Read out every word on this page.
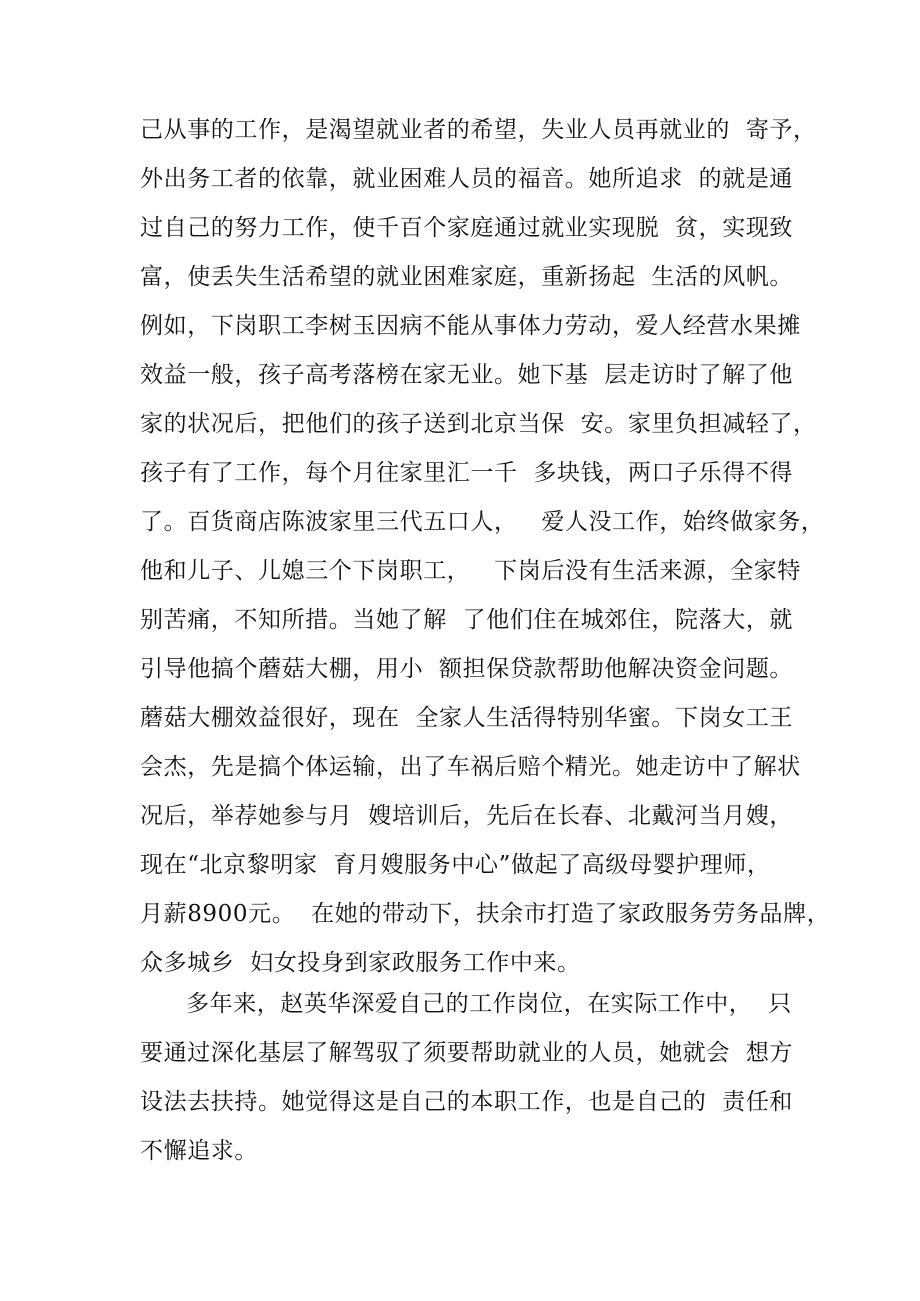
己从事的工作，是渴望就业者的希望，失业人员再就业的  寄予，
外出务工者的依靠，就业困难人员的福音。她所追求  的就是通
过自己的努力工作，使千百个家庭通过就业实现脱  贫，实现致
富，使丢失生活希望的就业困难家庭，重新扬起  生活的风帆。
例如，下岗职工李树玉因病不能从事体力劳动，爱人经营水果摊
效益一般，孩子高考落榜在家无业。她下基  层走访时了解了他
家的状况后，把他们的孩子送到北京当保  安。家里负担减轻了，
孩子有了工作，每个月往家里汇一千  多块钱，两口子乐得不得
了。百货商店陈波家里三代五口人，   爱人没工作，始终做家务，
他和儿子、儿媳三个下岗职工，   下岗后没有生活来源，全家特
别苦痛，不知所措。当她了解  了他们住在城郊住，院落大，就
引导他搞个蘑菇大棚，用小  额担保贷款帮助他解决资金问题。
蘑菇大棚效益很好，现在  全家人生活得特别华蜜。下岗女工王
会杰，先是搞个体运输，出了车祸后赔个精光。她走访中了解状
况后，举荐她参与月  嫂培训后，先后在长春、北戴河当月嫂，
现在“北京黎明家  育月嫂服务中心”做起了高级母婴护理师，
月薪8900元。  在她的带动下，扶余市打造了家政服务劳务品牌，
众多城乡  妇女投身到家政服务工作中来。
多年来，赵英华深爱自己的工作岗位，在实际工作中，  只
要通过深化基层了解驾驭了须要帮助就业的人员，她就会  想方
设法去扶持。她觉得这是自己的本职工作，也是自己的  责任和
不懈追求。
